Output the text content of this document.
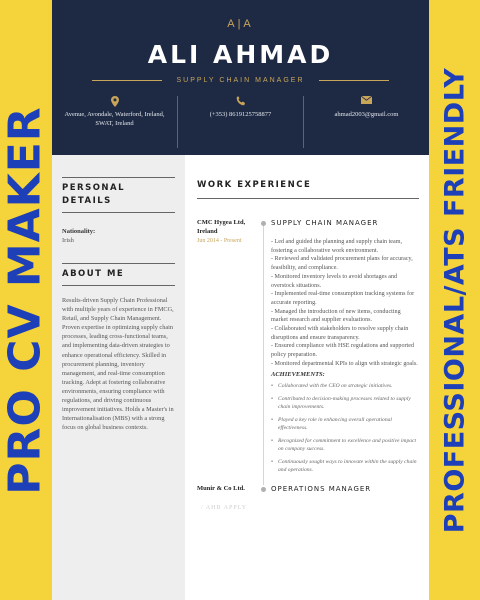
PRO CV MAKER	PROFESSIONAL/ATS FRIENDLY
A|A
ALI AHMAD
SUPPLY CHAIN MANAGER
Avenue, Avondale, Waterford, Ireland, SWAT, Ireland
(+353) 8619125758877	ahmad2003@gmail.com
PERSONAL DETAILS
Nationality:
Irish
ABOUT ME
Results-driven Supply Chain Professional with multiple years of experience in FMCG, Retail, and Supply Chain Management. Proven expertise in optimizing supply chain processes, leading cross-functional teams, and implementing data-driven strategies to enhance operational efficiency. Skilled in procurement planning, inventory management, and real-time consumption tracking. Adept at fostering collaborative environments, ensuring compliance with regulations, and driving continuous improvement initiatives. Holds a Master's in Internationalisation (MBS) with a strong focus on global business contexts.
WORK EXPERIENCE
CMC Hygea Ltd, Ireland
Jun 2014 - Present
SUPPLY CHAIN MANAGER
- Led and guided the planning and supply chain team, fostering a collaborative work environment.
- Reviewed and validated procurement plans for accuracy, feasibility, and compliance.
- Monitored inventory levels to avoid shortages and overstock situations.
- Implemented real-time consumption tracking systems for accurate reporting.
- Managed the introduction of new items, conducting market research and supplier evaluations.
- Collaborated with stakeholders to resolve supply chain disruptions and ensure transparency.
- Ensured compliance with HSE regulations and supported policy preparation.
- Monitored departmental KPIs to align with strategic goals.
ACHIEVEMENTS:
• Collaborated with the CEO on strategic initiatives.
• Contributed to decision-making processes related to supply chain improvements.
• Played a key role in enhancing overall operational effectiveness.
• Recognized for commitment to excellence and positive impact on company success.
• Continuously sought ways to innovate within the supply chain and operations.
Munir & Co Ltd.	OPERATIONS MANAGER
/ AHB APPLY
